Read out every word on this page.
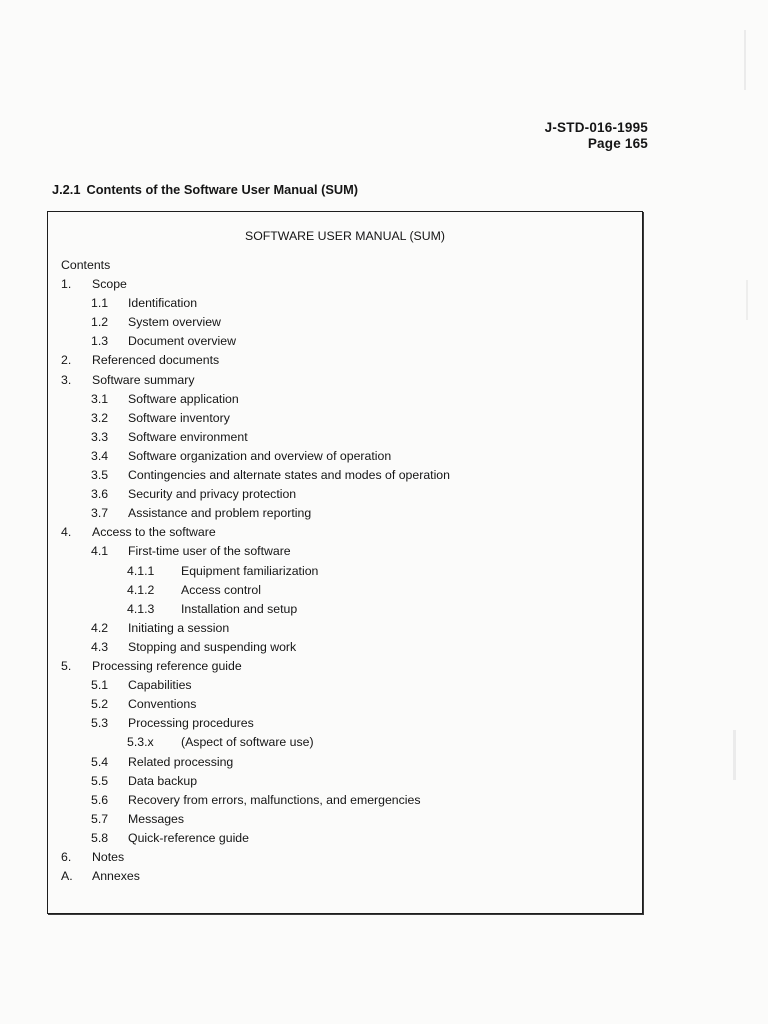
J-STD-016-1995
Page 165
J.2.1 Contents of the Software User Manual (SUM)
SOFTWARE USER MANUAL (SUM)
Contents
1. Scope
1.1 Identification
1.2 System overview
1.3 Document overview
2. Referenced documents
3. Software summary
3.1 Software application
3.2 Software inventory
3.3 Software environment
3.4 Software organization and overview of operation
3.5 Contingencies and alternate states and modes of operation
3.6 Security and privacy protection
3.7 Assistance and problem reporting
4. Access to the software
4.1 First-time user of the software
4.1.1 Equipment familiarization
4.1.2 Access control
4.1.3 Installation and setup
4.2 Initiating a session
4.3 Stopping and suspending work
5. Processing reference guide
5.1 Capabilities
5.2 Conventions
5.3 Processing procedures
5.3.x (Aspect of software use)
5.4 Related processing
5.5 Data backup
5.6 Recovery from errors, malfunctions, and emergencies
5.7 Messages
5.8 Quick-reference guide
6. Notes
A. Annexes
